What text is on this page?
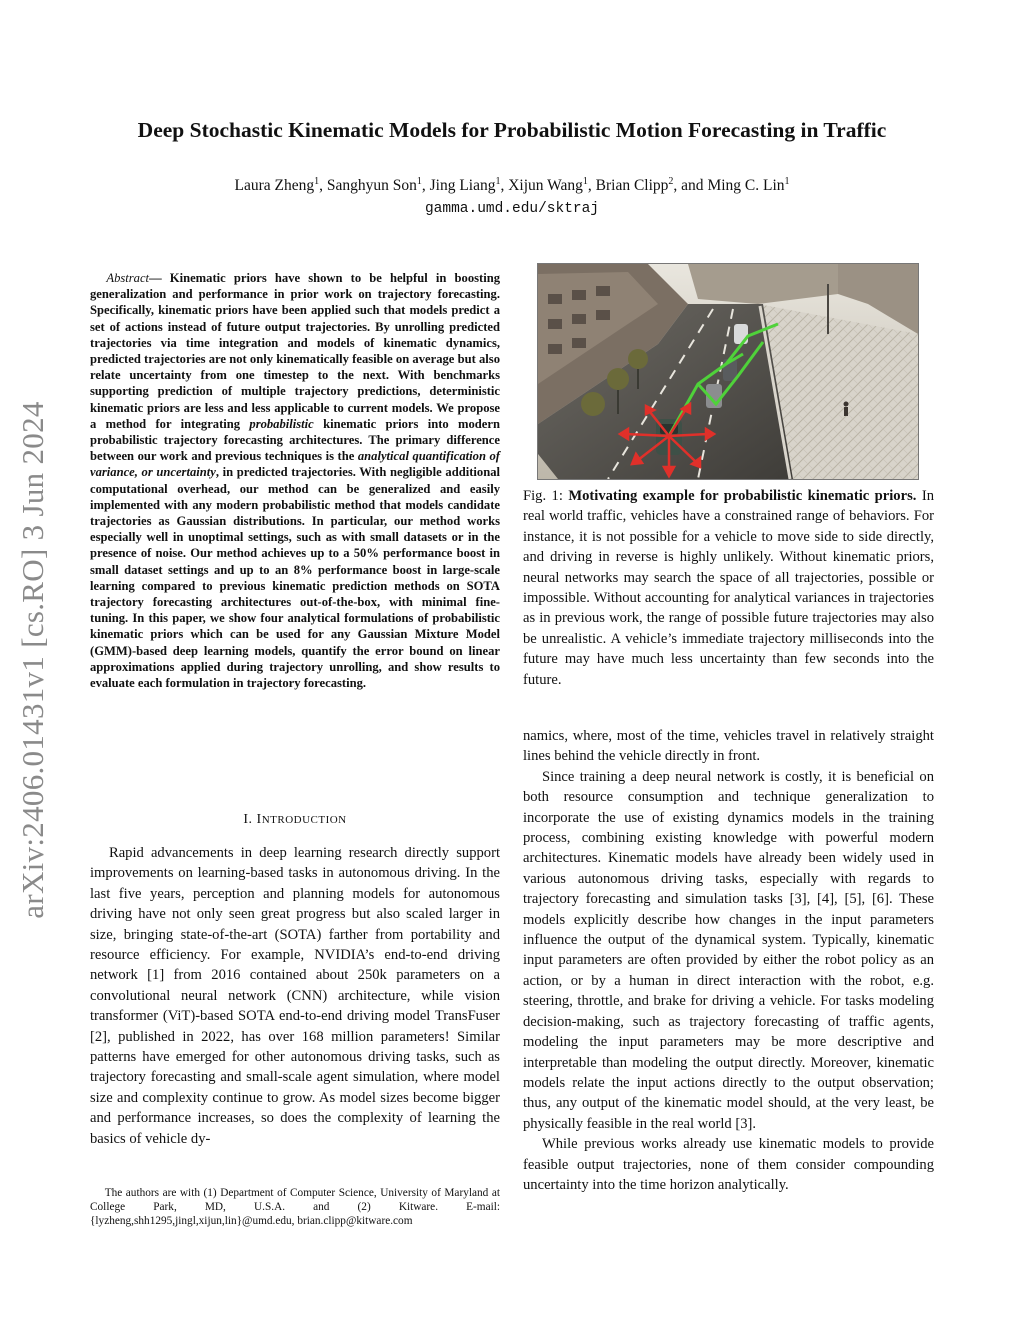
arXiv:2406.01431v1 [cs.RO] 3 Jun 2024
Deep Stochastic Kinematic Models for Probabilistic Motion Forecasting in Traffic
Laura Zheng$^1$, Sanghyun Son$^1$, Jing Liang$^1$, Xijun Wang$^1$, Brian Clipp$^2$, and Ming C. Lin$^1$
gamma.umd.edu/sktraj

Abstract— Kinematic priors have shown to be helpful in boosting generalization and performance in prior work on trajectory forecasting. Specifically, kinematic priors have been applied such that models predict a set of actions instead of future output trajectories. By unrolling predicted trajectories via time integration and models of kinematic dynamics, predicted trajectories are not only kinematically feasible on average but also relate uncertainty from one timestep to the next. With benchmarks supporting prediction of multiple trajectory predictions, deterministic kinematic priors are less and less applicable to current models. We propose a method for integrating probabilistic kinematic priors into modern probabilistic trajectory forecasting architectures. The primary difference between our work and previous techniques is the analytical quantification of variance, or uncertainty, in predicted trajectories. With negligible additional computational overhead, our method can be generalized and easily implemented with any modern probabilistic method that models candidate trajectories as Gaussian distributions. In particular, our method works especially well in unoptimal settings, such as with small datasets or in the presence of noise. Our method achieves up to a 50% performance boost in small dataset settings and up to an 8% performance boost in large-scale learning compared to previous kinematic prediction methods on SOTA trajectory forecasting architectures out-of-the-box, with minimal fine-tuning. In this paper, we show four analytical formulations of probabilistic kinematic priors which can be used for any Gaussian Mixture Model (GMM)-based deep learning models, quantify the error bound on linear approximations applied during trajectory unrolling, and show results to evaluate each formulation in trajectory forecasting.

I. INTRODUCTION

Rapid advancements in deep learning research directly support improvements on learning-based tasks in autonomous driving. In the last five years, perception and planning models for autonomous driving have not only seen great progress but also scaled larger in size, bringing state-of-the-art (SOTA) farther from portability and resource efficiency. For example, NVIDIA’s end-to-end driving network [1] from 2016 contained about 250k parameters on a convolutional neural network (CNN) architecture, while vision transformer (ViT)-based SOTA end-to-end driving model TransFuser [2], published in 2022, has over 168 million parameters! Similar patterns have emerged for other autonomous driving tasks, such as trajectory forecasting and small-scale agent simulation, where model size and complexity continue to grow. As model sizes become bigger and performance increases, so does the complexity of learning the basics of vehicle dy-

The authors are with (1) Department of Computer Science, University of Maryland at College Park, MD, U.S.A. and (2) Kitware. E-mail: {lyzheng,shh1295,jingl,xijun,lin}@umd.edu, brian.clipp@kitware.com

Fig. 1: Motivating example for probabilistic kinematic priors. In real world traffic, vehicles have a constrained range of behaviors. For instance, it is not possible for a vehicle to move side to side directly, and driving in reverse is highly unlikely. Without kinematic priors, neural networks may search the space of all trajectories, possible or impossible. Without accounting for analytical variances in trajectories as in previous work, the range of possible future trajectories may also be unrealistic. A vehicle’s immediate trajectory milliseconds into the future may have much less uncertainty than few seconds into the future.

namics, where, most of the time, vehicles travel in relatively straight lines behind the vehicle directly in front.

Since training a deep neural network is costly, it is beneficial on both resource consumption and technique generalization to incorporate the use of existing dynamics models in the training process, combining existing knowledge with powerful modern architectures. Kinematic models have already been widely used in various autonomous driving tasks, especially with regards to trajectory forecasting and simulation tasks [3], [4], [5], [6]. These models explicitly describe how changes in the input parameters influence the output of the dynamical system. Typically, kinematic input parameters are often provided by either the robot policy as an action, or by a human in direct interaction with the robot, e.g. steering, throttle, and brake for driving a vehicle. For tasks modeling decision-making, such as trajectory forecasting of traffic agents, modeling the input parameters may be more descriptive and interpretable than modeling the output directly. Moreover, kinematic models relate the input actions directly to the output observation; thus, any output of the kinematic model should, at the very least, be physically feasible in the real world [3].

While previous works already use kinematic models to provide feasible output trajectories, none of them consider compounding uncertainty into the time horizon analytically.
